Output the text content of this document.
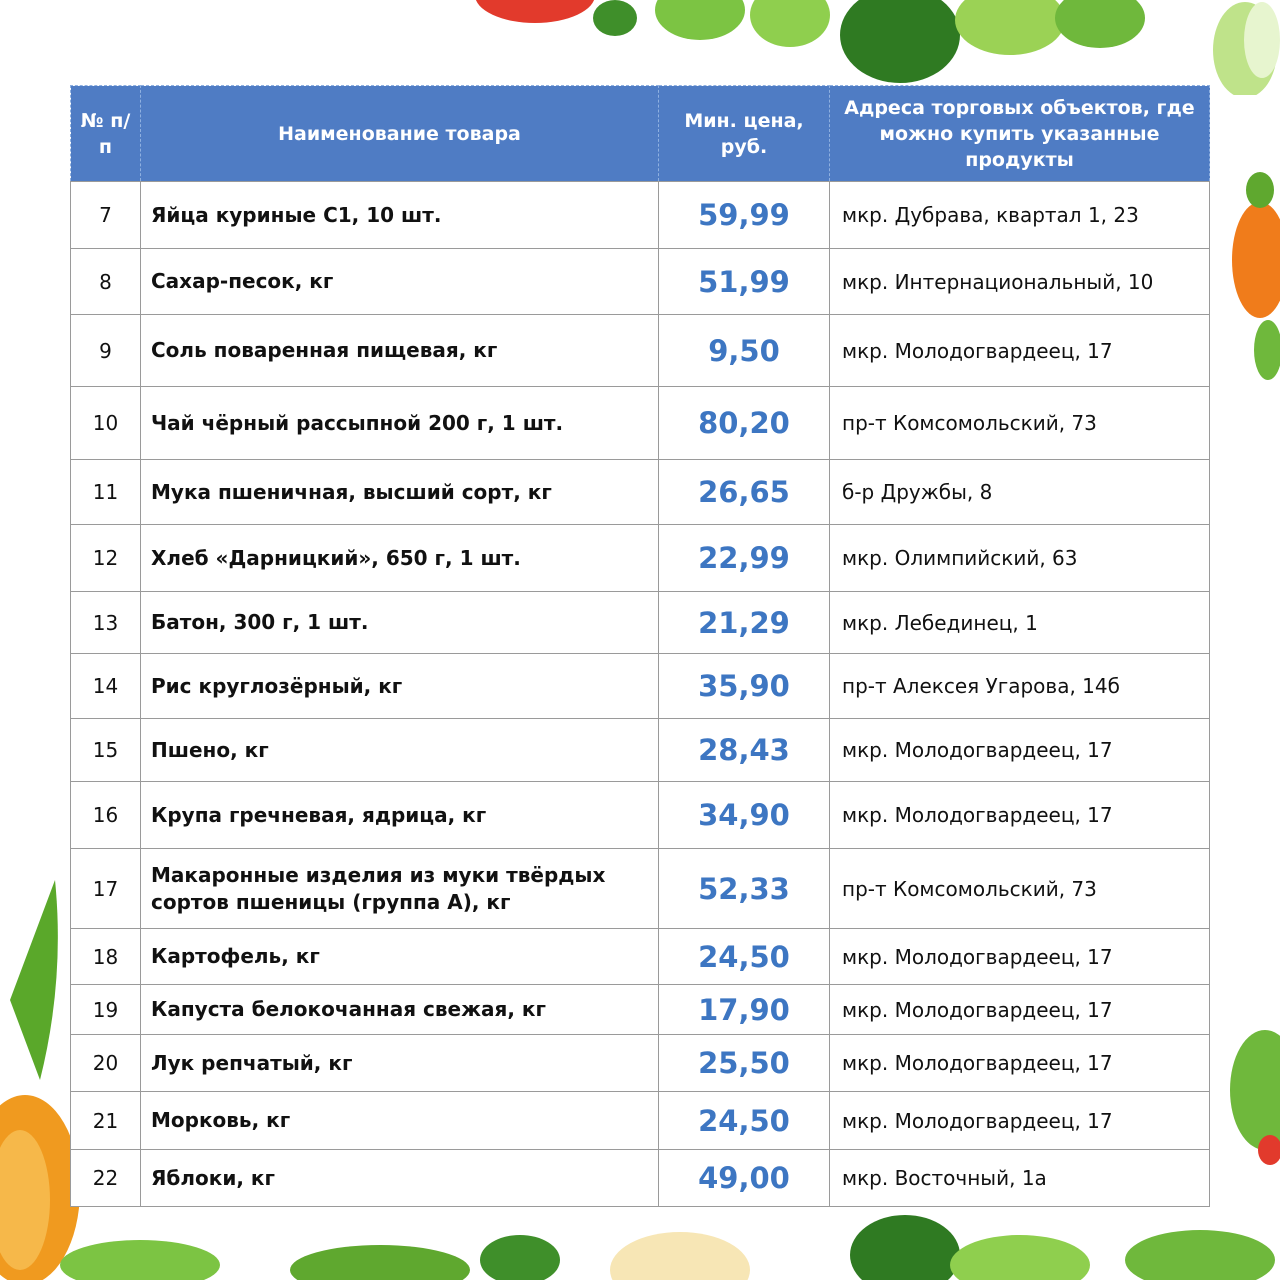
№ п/п	Наименование товара	Мин. цена, руб.	Адреса торговых объектов, где можно купить указанные продукты
7	Яйца куриные С1, 10 шт.	59,99	мкр. Дубрава, квартал 1, 23
8	Сахар-песок, кг	51,99	мкр. Интернациональный, 10
9	Соль поваренная пищевая, кг	9,50	мкр. Молодогвардеец, 17
10	Чай чёрный рассыпной 200 г, 1 шт.	80,20	пр-т Комсомольский, 73
11	Мука пшеничная, высший сорт, кг	26,65	б-р Дружбы, 8
12	Хлеб «Дарницкий», 650 г, 1 шт.	22,99	мкр. Олимпийский, 63
13	Батон, 300 г, 1 шт.	21,29	мкр. Лебединец, 1
14	Рис круглозёрный, кг	35,90	пр-т Алексея Угарова, 14б
15	Пшено, кг	28,43	мкр. Молодогвардеец, 17
16	Крупа гречневая, ядрица, кг	34,90	мкр. Молодогвардеец, 17
17	Макаронные изделия из муки твёрдых сортов пшеницы (группа А), кг	52,33	пр-т Комсомольский, 73
18	Картофель, кг	24,50	мкр. Молодогвардеец, 17
19	Капуста белокочанная свежая, кг	17,90	мкр. Молодогвардеец, 17
20	Лук репчатый, кг	25,50	мкр. Молодогвардеец, 17
21	Морковь, кг	24,50	мкр. Молодогвардеец, 17
22	Яблоки, кг	49,00	мкр. Восточный, 1а
